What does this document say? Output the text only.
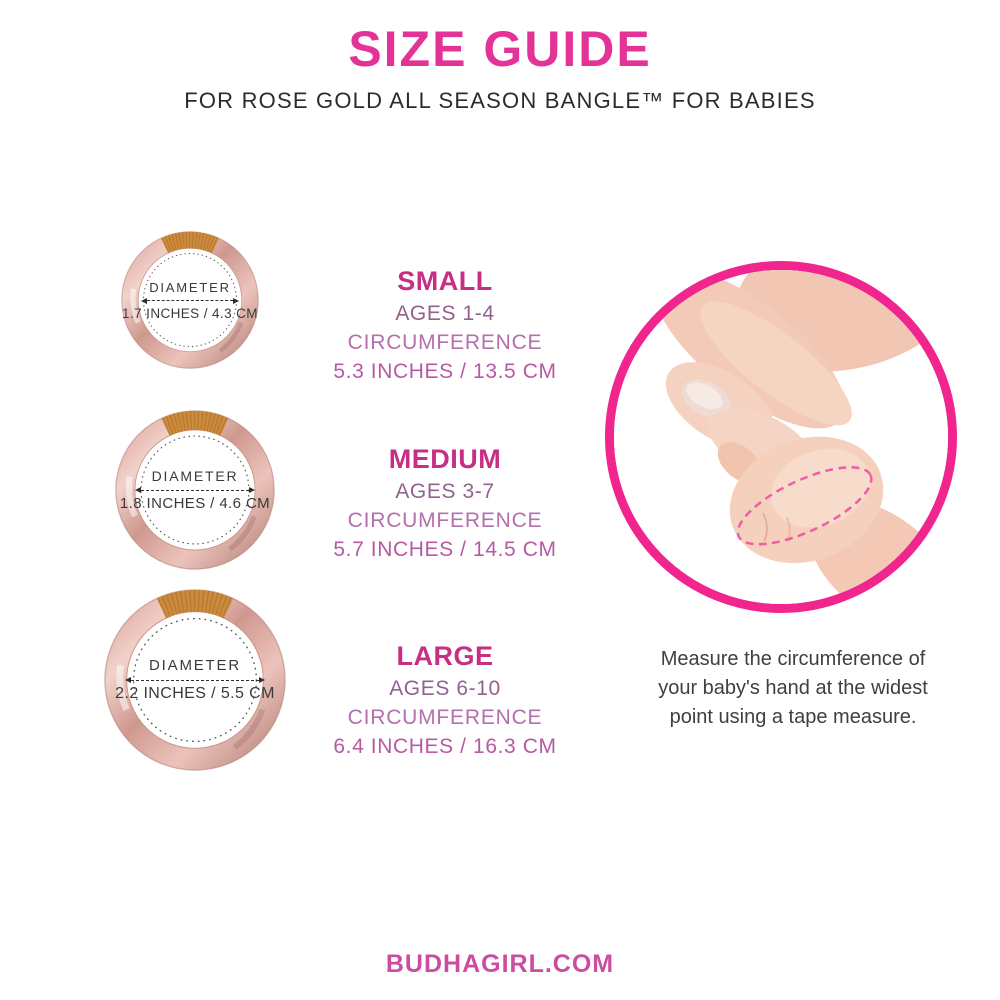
SIZE GUIDE
FOR ROSE GOLD ALL SEASON BANGLE™ FOR BABIES
DIAMETER
1.7 INCHES / 4.3 CM
DIAMETER
1.8 INCHES / 4.6 CM
DIAMETER
2.2 INCHES / 5.5 CM
SMALL
AGES 1-4
CIRCUMFERENCE
5.3 INCHES / 13.5 CM
MEDIUM
AGES 3-7
CIRCUMFERENCE
5.7 INCHES / 14.5 CM
LARGE
AGES 6-10
CIRCUMFERENCE
6.4 INCHES / 16.3 CM
Measure the circumference of
your baby's hand at the widest
point using a tape measure.
BUDHAGIRL.COM
